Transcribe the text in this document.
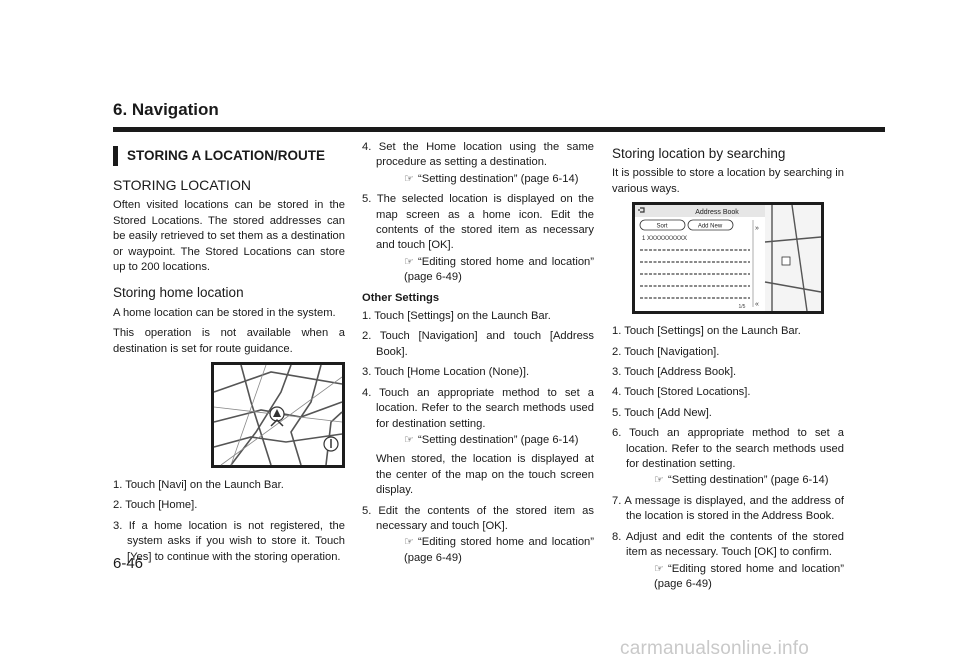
6. Navigation
STORING A LOCATION/ROUTE
STORING LOCATION

Often visited locations can be stored in the Stored Locations. The stored addresses can be easily retrieved to set them as a destination or waypoint. The Stored Locations can store up to 200 locations.

Storing home location

A home location can be stored in the system.

This operation is not available when a destination is set for route guidance.

1. Touch [Navi] on the Launch Bar.
2. Touch [Home].
3. If a home location is not registered, the system asks if you wish to store it. Touch [Yes] to continue with the storing operation.
4. Set the Home location using the same procedure as setting a destination.
☞ “Setting destination” (page 6-14)
5. The selected location is displayed on the map screen as a home icon. Edit the contents of the stored item as necessary and touch [OK].
☞ “Editing stored home and location” (page 6-49)
Other Settings
1. Touch [Settings] on the Launch Bar.
2. Touch [Navigation] and touch [Address Book].
3. Touch [Home Location (None)].
4. Touch an appropriate method to set a location. Refer to the search methods used for destination setting.
☞ “Setting destination” (page 6-14)
When stored, the location is displayed at the center of the map on the touch screen display.
5. Edit the contents of the stored item as necessary and touch [OK].
☞ “Editing stored home and location” (page 6-49)
Storing location by searching

It is possible to store a location by searching in various ways.

Address Book
Sort	Add New
1 XXXXXXXXXX
»
«
1/5
1. Touch [Settings] on the Launch Bar.
2. Touch [Navigation].
3. Touch [Address Book].
4. Touch [Stored Locations].
5. Touch [Add New].
6. Touch an appropriate method to set a location. Refer to the search methods used for destination setting.
☞ “Setting destination” (page 6-14)
7. A message is displayed, and the address of the location is stored in the Address Book.
8. Adjust and edit the contents of the stored item as necessary. Touch [OK] to confirm.
☞ “Editing stored home and location” (page 6-49)
6-46
carmanualsonline.info
